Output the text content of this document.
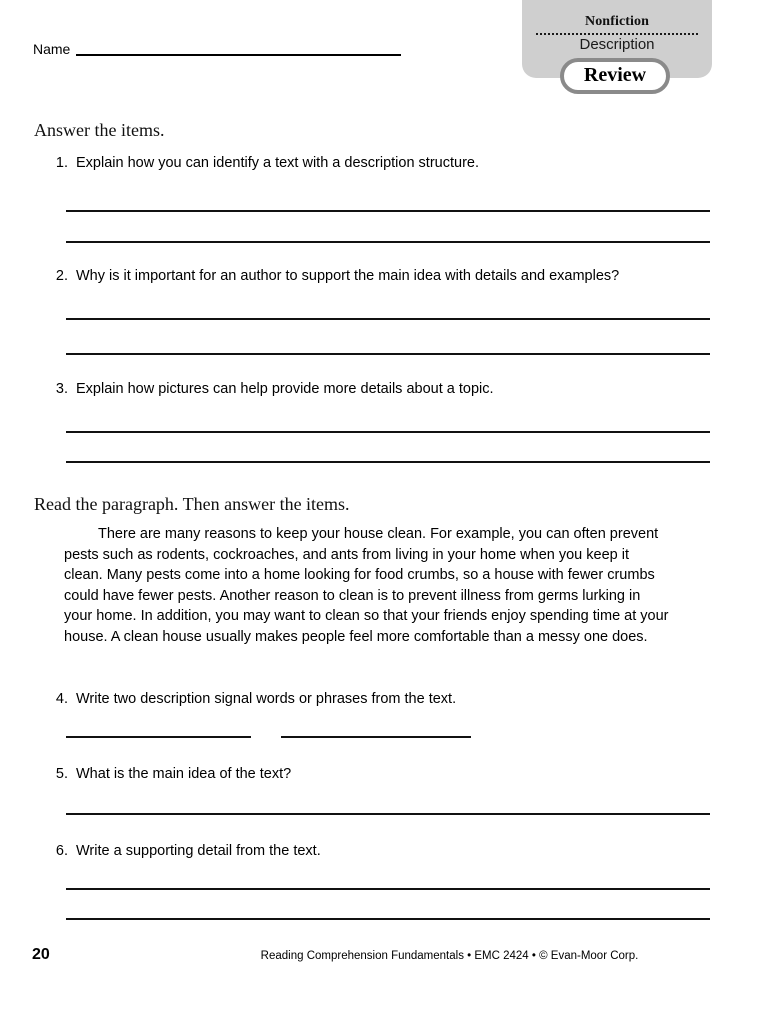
Nonfiction
Description
Review
Name
Answer the items.
1. Explain how you can identify a text with a description structure.
2. Why is it important for an author to support the main idea with details and examples?
3. Explain how pictures can help provide more details about a topic.
Read the paragraph. Then answer the items.
There are many reasons to keep your house clean. For example, you can often prevent pests such as rodents, cockroaches, and ants from living in your home when you keep it clean. Many pests come into a home looking for food crumbs, so a house with fewer crumbs could have fewer pests. Another reason to clean is to prevent illness from germs lurking in your home. In addition, you may want to clean so that your friends enjoy spending time at your house. A clean house usually makes people feel more comfortable than a messy one does.
4. Write two description signal words or phrases from the text.
5. What is the main idea of the text?
6. Write a supporting detail from the text.
20	Reading Comprehension Fundamentals • EMC 2424 • © Evan-Moor Corp.
